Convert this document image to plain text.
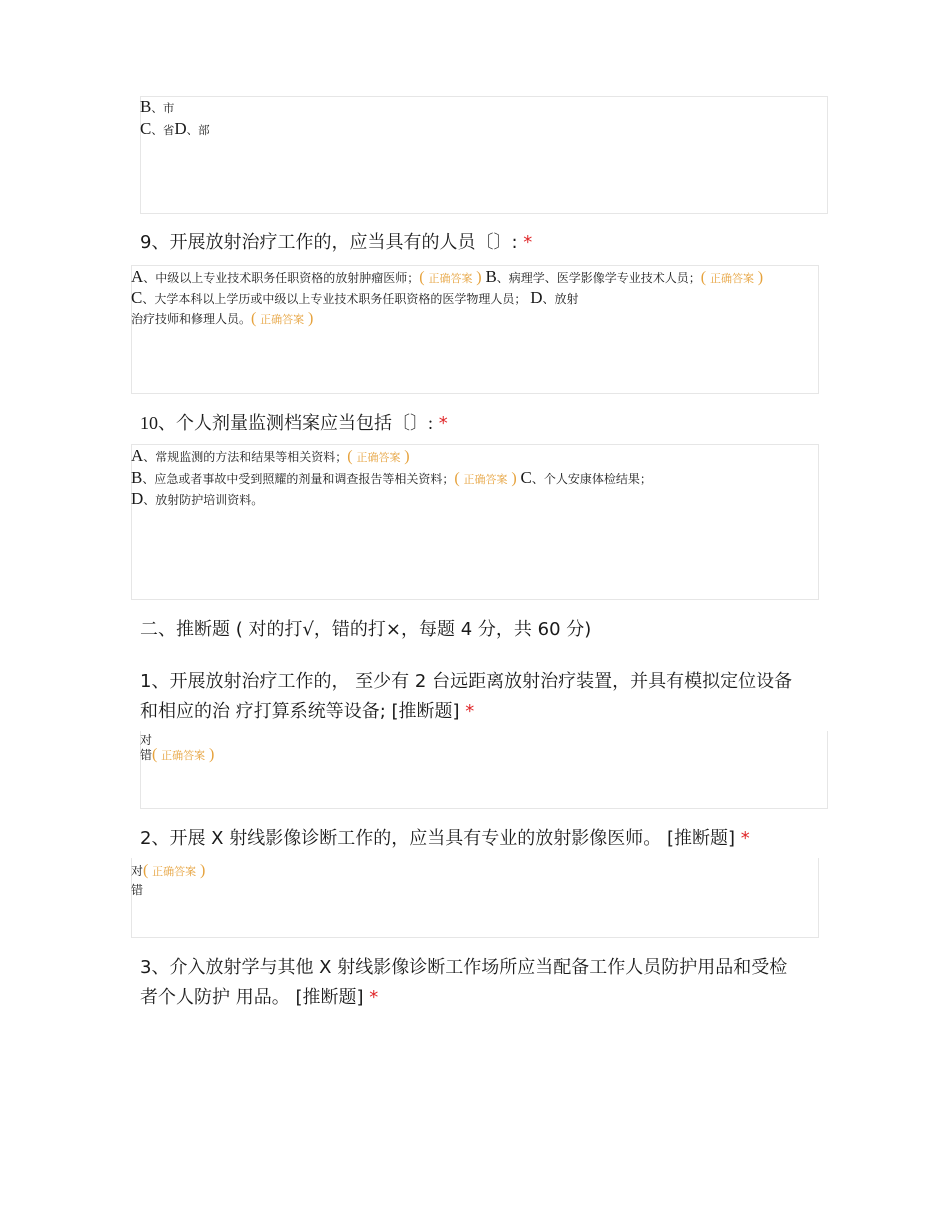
B、市
C、省D、部
9、开展放射治疗工作的，应当具有的人员〔〕: *
A、中级以上专业技术职务任职资格的放射肿瘤医师；( 正确答案 ) B、病理学、医学影像学专业技术人员；( 正确答案 )
C、大学本科以上学历或中级以上专业技术职务任职资格的医学物理人员； D、放射
治疗技师和修理人员。( 正确答案 )
10、个人剂量监测档案应当包括〔〕: *
A、常规监测的方法和结果等相关资料；( 正确答案 )
B、应急或者事故中受到照耀的剂量和调查报告等相关资料；( 正确答案 ) C、个人安康体检结果；
D、放射防护培训资料。
二、推断题 ( 对的打√，错的打×，每题 4 分，共 60 分)
1、开展放射治疗工作的， 至少有 2 台远距离放射治疗装置，并具有模拟定位设备
和相应的治 疗打算系统等设备; [推断题] *
对
错( 正确答案 )
2、开展 X 射线影像诊断工作的，应当具有专业的放射影像医师。 [推断题] *
对( 正确答案 )
错
3、介入放射学与其他 X 射线影像诊断工作场所应当配备工作人员防护用品和受检
者个人防护 用品。 [推断题] *
